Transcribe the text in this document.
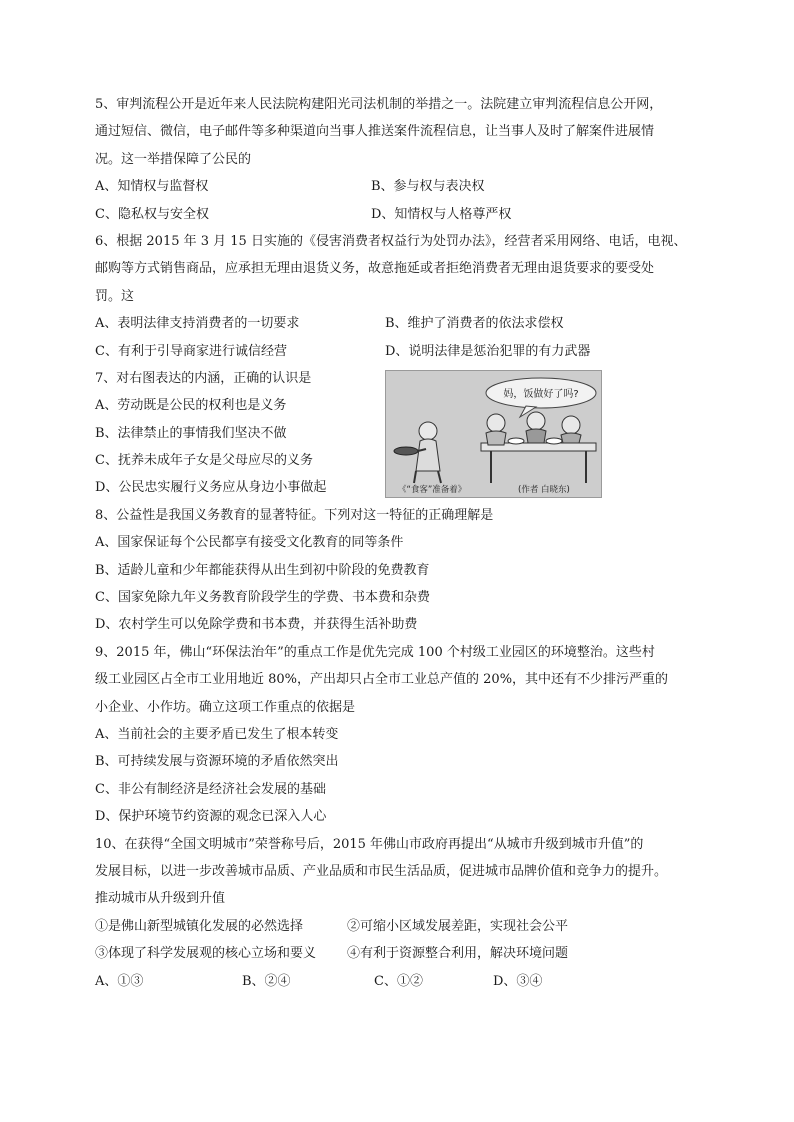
5、审判流程公开是近年来人民法院构建阳光司法机制的举措之一。法院建立审判流程信息公开网，
通过短信、微信，电子邮件等多种渠道向当事人推送案件流程信息，让当事人及时了解案件进展情
况。这一举措保障了公民的
A、知情权与监督权	B、参与权与表决权
C、隐私权与安全权	D、知情权与人格尊严权
6、根据 2015 年 3 月 15 日实施的《侵害消费者权益行为处罚办法》，经营者采用网络、电话，电视、
邮购等方式销售商品，应承担无理由退货义务，故意拖延或者拒绝消费者无理由退货要求的要受处
罚。这
A、表明法律支持消费者的一切要求	B、维护了消费者的依法求偿权
C、有利于引导商家进行诚信经营	D、说明法律是惩治犯罪的有力武器
7、对右图表达的内涵，正确的认识是
A、劳动既是公民的权利也是义务
B、法律禁止的事情我们坚决不做
C、抚养未成年子女是父母应尽的义务
D、公民忠实履行义务应从身边小事做起
妈，饭做好了吗?
《“食客”准备着》	(作者 白晓东)
8、公益性是我国义务教育的显著特征。下列对这一特征的正确理解是
A、国家保证每个公民都享有接受文化教育的同等条件
B、适龄儿童和少年都能获得从出生到初中阶段的免费教育
C、国家免除九年义务教育阶段学生的学费、书本费和杂费
D、农村学生可以免除学费和书本费，并获得生活补助费
9、2015 年，佛山“环保法治年”的重点工作是优先完成 100 个村级工业园区的环境整治。这些村
级工业园区占全市工业用地近 80%，产出却只占全市工业总产值的 20%，其中还有不少排污严重的
小企业、小作坊。确立这项工作重点的依据是
A、当前社会的主要矛盾已发生了根本转变
B、可持续发展与资源环境的矛盾依然突出
C、非公有制经济是经济社会发展的基础
D、保护环境节约资源的观念已深入人心
10、在获得“全国文明城市”荣誉称号后，2015 年佛山市政府再提出“从城市升级到城市升值”的
发展目标，以进一步改善城市品质、产业品质和市民生活品质，促进城市品牌价值和竞争力的提升。
推动城市从升级到升值
①是佛山新型城镇化发展的必然选择	②可缩小区域发展差距，实现社会公平
③体现了科学发展观的核心立场和要义	④有利于资源整合利用，解决环境问题
A、①③	B、②④	C、①②	D、③④
